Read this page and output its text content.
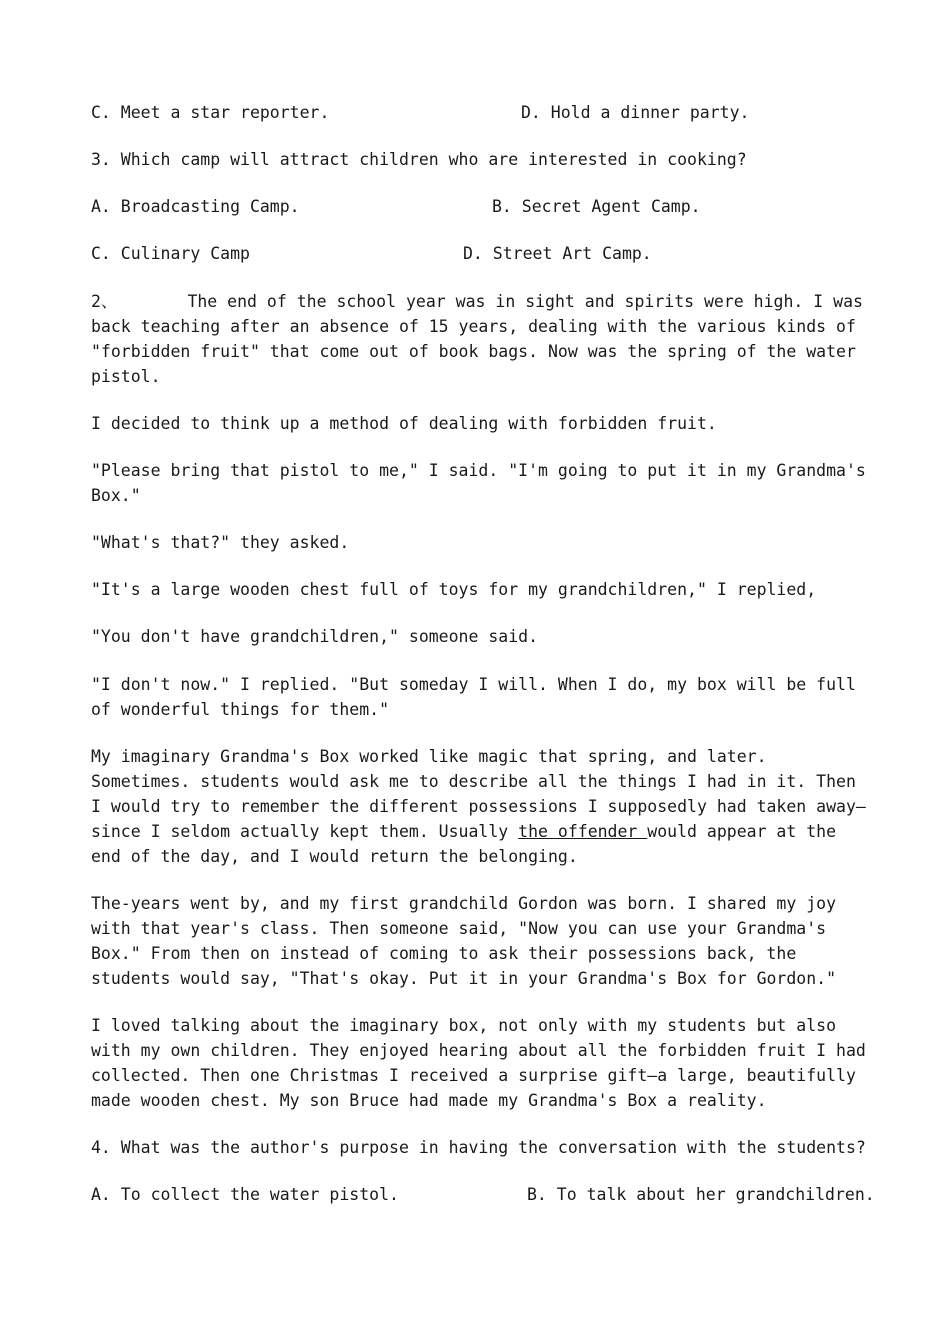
C. Meet a star reporter.	D. Hold a dinner party.
3. Which camp will attract children who are interested in cooking?
A. Broadcasting Camp.	B. Secret Agent Camp.
C. Culinary Camp	D. Street Art Camp.
2、	The end of the school year was in sight and spirits were high. I was back teaching after an absence of 15 years, dealing with the various kinds of "forbidden fruit" that come out of book bags. Now was the spring of the water pistol.
I decided to think up a method of dealing with forbidden fruit.
"Please bring that pistol to me," I said. "I'm going to put it in my Grandma's Box."
"What's that?" they asked.
"It's a large wooden chest full of toys for my grandchildren," I replied,
"You don't have grandchildren," someone said.
"I don't now." I replied. "But someday I will. When I do, my box will be full of wonderful things for them."
My imaginary Grandma's Box worked like magic that spring, and later. Sometimes. students would ask me to describe all the things I had in it. Then I would try to remember the different possessions I supposedly had taken away—since I seldom actually kept them. Usually the offender would appear at the end of the day, and I would return the belonging.
The-years went by, and my first grandchild Gordon was born. I shared my joy with that year's class. Then someone said, "Now you can use your Grandma's Box." From then on instead of coming to ask their possessions back, the students would say, "That's okay. Put it in your Grandma's Box for Gordon."
I loved talking about the imaginary box, not only with my students but also with my own children. They enjoyed hearing about all the forbidden fruit I had collected. Then one Christmas I received a surprise gift—a large, beautifully made wooden chest. My son Bruce had made my Grandma's Box a reality.
4. What was the author's purpose in having the conversation with the students?
A. To collect the water pistol.	B. To talk about her grandchildren.
